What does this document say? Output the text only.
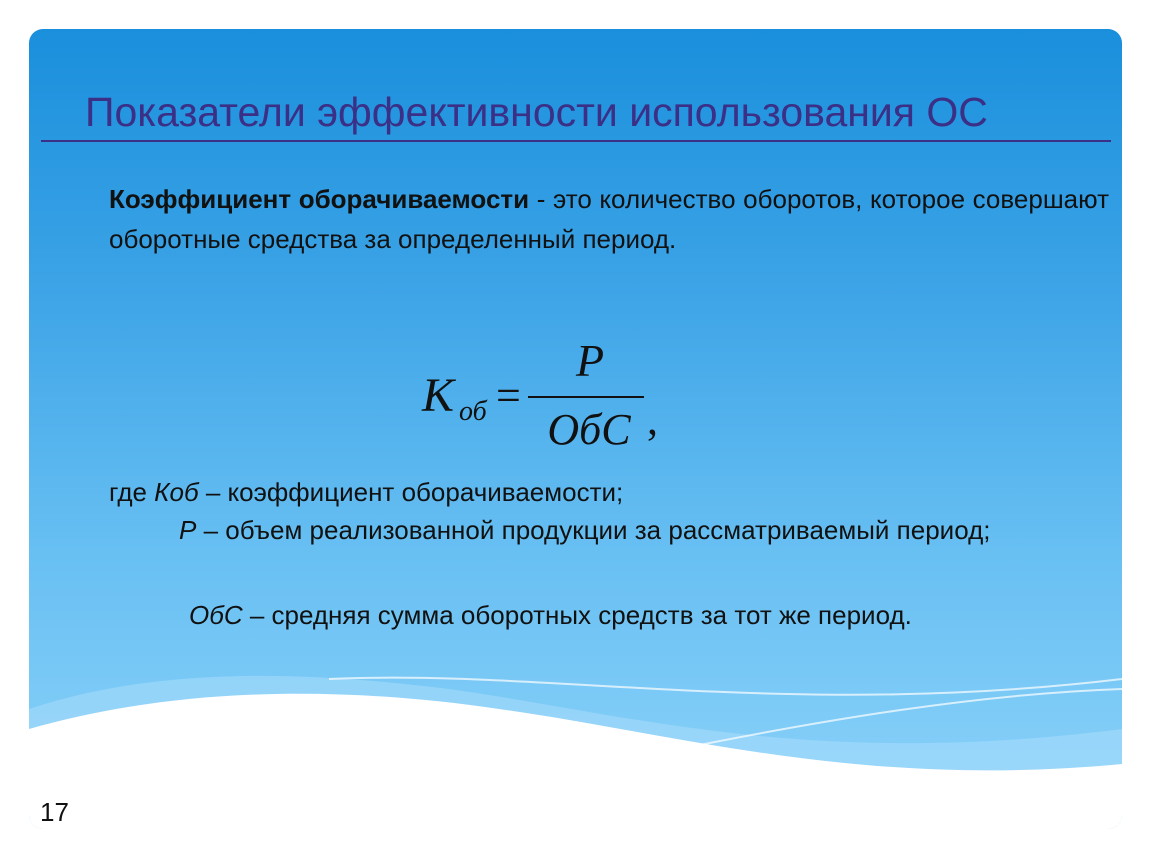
Показатели эффективности использования ОС
Коэффициент оборачиваемости - это количество оборотов, которое совершают оборотные средства за определенный период.
K об =
P
ОбС ,
где Коб – коэффициент оборачиваемости;
Р – объем реализованной продукции за рассматриваемый период;
ОбС – средняя сумма оборотных средств за тот же период.
17
